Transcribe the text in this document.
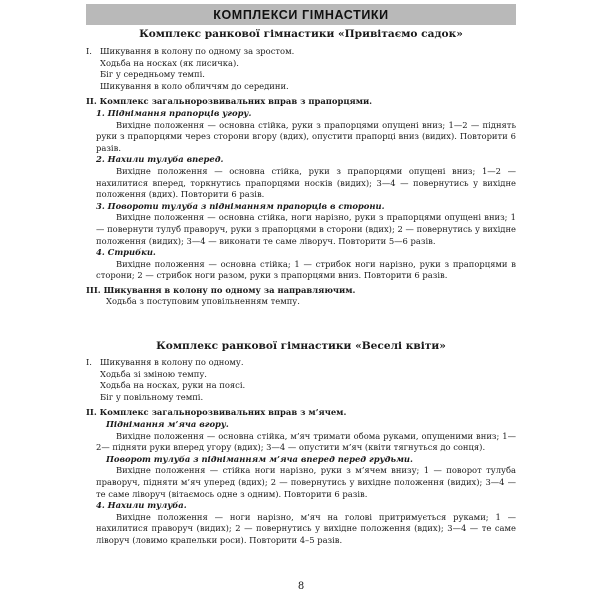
КОМПЛЕКСИ ГІМНАСТИКИ
Комплекс ранкової гімнастики «Привітаємо садок»
I. Шикування в колону по одному за зростом.
Ходьба на носках (як лисичка).
Біг у середньому темпі.
Шикування в коло обличчям до середини.
II. Комплекс загальнорозвивальних вправ з прапорцями.
1. Піднімання прапорців угору.

Вихідне положення — основна стійка, руки з прапорцями опущені вниз; 1—2 — піднять руки з прапорцями через сторони вгору (вдих), опустити прапорці вниз (видих). Повторити 6 разів.

2. Нахили тулуба вперед.

Вихідне положення — основна стійка, руки з прапорцями опущені вниз; 1—2 — нахилитися вперед, торкнутись прапорцями носків (видих); 3—4 — повернутись у вихідне положення (вдих). Повторити 6 разів.

3. Повороти тулуба з підніманням прапорців в сторони.

Вихідне положення — основна стійка, ноги нарізно, руки з прапорцями опущені вниз; 1 — повернути тулуб праворуч, руки з прапорцями в сторони (вдих); 2 — повернутись у вихідне положення (видих); 3—4 — виконати те саме ліворуч. Повторити 5—6 разів.

4. Стрибки.

Вихідне положення — основна стійка; 1 — стрибок ноги нарізно, руки з прапорцями в сторони; 2 — стрибок ноги разом, руки з прапорцями вниз. Повторити 6 разів.

III. Шикування в колону по одному за направляючим.
Ходьба з поступовим уповільненням темпу.
Комплекс ранкової гімнастики «Веселі квіти»
I. Шикування в колону по одному.
Ходьба зі зміною темпу.
Ходьба на носках, руки на поясі.
Біг у повільному темпі.
II. Комплекс загальнорозвивальних вправ з м’ячем.
Піднімання м’яча вгору.

Вихідне положення — основна стійка, м’яч тримати обома руками, опущеними вниз; 1—2— підняти руки вперед угору (вдих); 3—4 — опустити м’яч (квіти тягнуться до сонця).

Поворот тулуба з підніманням м’яча вперед перед грудьми.

Вихідне положення — стійка ноги нарізно, руки з м’ячем внизу; 1 — поворот тулуба праворуч, підняти м’яч уперед (вдих); 2 — повернутись у вихідне положення (видих); 3—4 — те саме ліворуч (вітаємось одне з одним). Повторити 6 разів.

4. Нахили тулуба.

Вихідне положення — ноги нарізно, м’яч на голові притримується руками; 1 — нахилитися праворуч (видих); 2 — повернутись у вихідне положення (вдих); 3—4 — те саме ліворуч (ловимо крапельки роси). Повторити 4–5 разів.

8
